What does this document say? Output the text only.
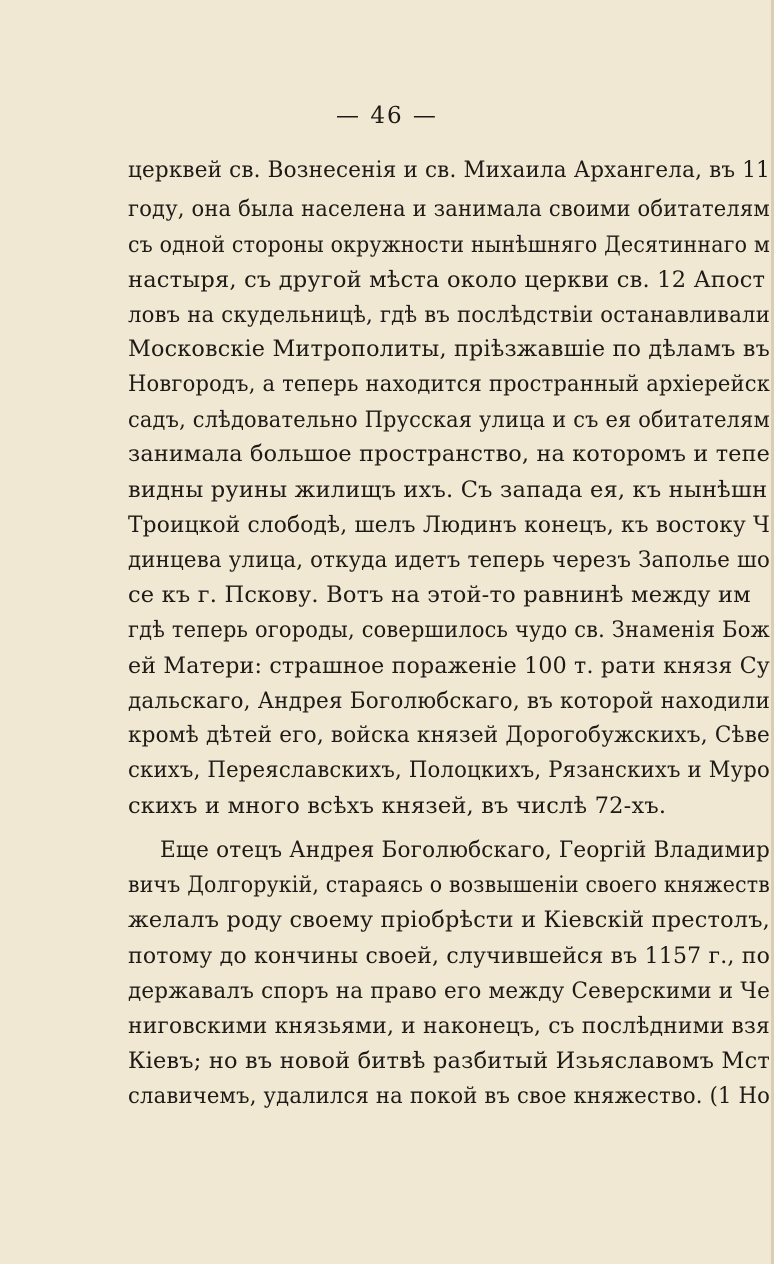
— 46 —
церквей св. Вознесенія и св. Михаила Архангела, въ 11
году, она была населена и занимала своими обитателям
съ одной стороны окружности нынѣшняго Десятиннаго м
настыря, съ другой мѣста около церкви св. 12 Апост
ловъ на скудельницѣ, гдѣ въ послѣдствіи останавливали
Московскіе Митрополиты, пріѣзжавшіе по дѣламъ въ
Новгородъ, а теперь находится пространный архіерейск
садъ, слѣдовательно Прусская улица и съ ея обитателям
занимала большое пространство, на которомъ и тепе
видны руины жилищъ ихъ. Съ запада ея, къ нынѣшн
Троицкой слободѣ, шелъ Людинъ конецъ, къ востоку Ч
динцева улица, откуда идетъ теперь черезъ Заполье шо
се къ г. Пскову. Вотъ на этой-то равнинѣ между им
гдѣ теперь огороды, совершилось чудо св. Знаменія Бож
ей Матери: страшное пораженіе 100 т. рати князя Су
дальскаго, Андрея Боголюбскаго, въ которой находили
кромѣ дѣтей его, войска князей Дорогобужскихъ, Сѣве
скихъ, Переяславскихъ, Полоцкихъ, Рязанскихъ и Муро
скихъ и много всѣхъ князей, въ числѣ 72-хъ.
Еще отецъ Андрея Боголюбскаго, Георгій Владимир
вичъ Долгорукій, стараясь о возвышеніи своего княжеств
желалъ роду своему пріобрѣсти и Кіевскій престолъ,
потому до кончины своей, случившейся въ 1157 г., по
державалъ споръ на право его между Северскими и Че
ниговскими князьями, и наконецъ, съ послѣдними взя
Кіевъ; но въ новой битвѣ разбитый Изьяславомъ Мст
славичемъ, удалился на покой въ свое княжество. (1 Но
